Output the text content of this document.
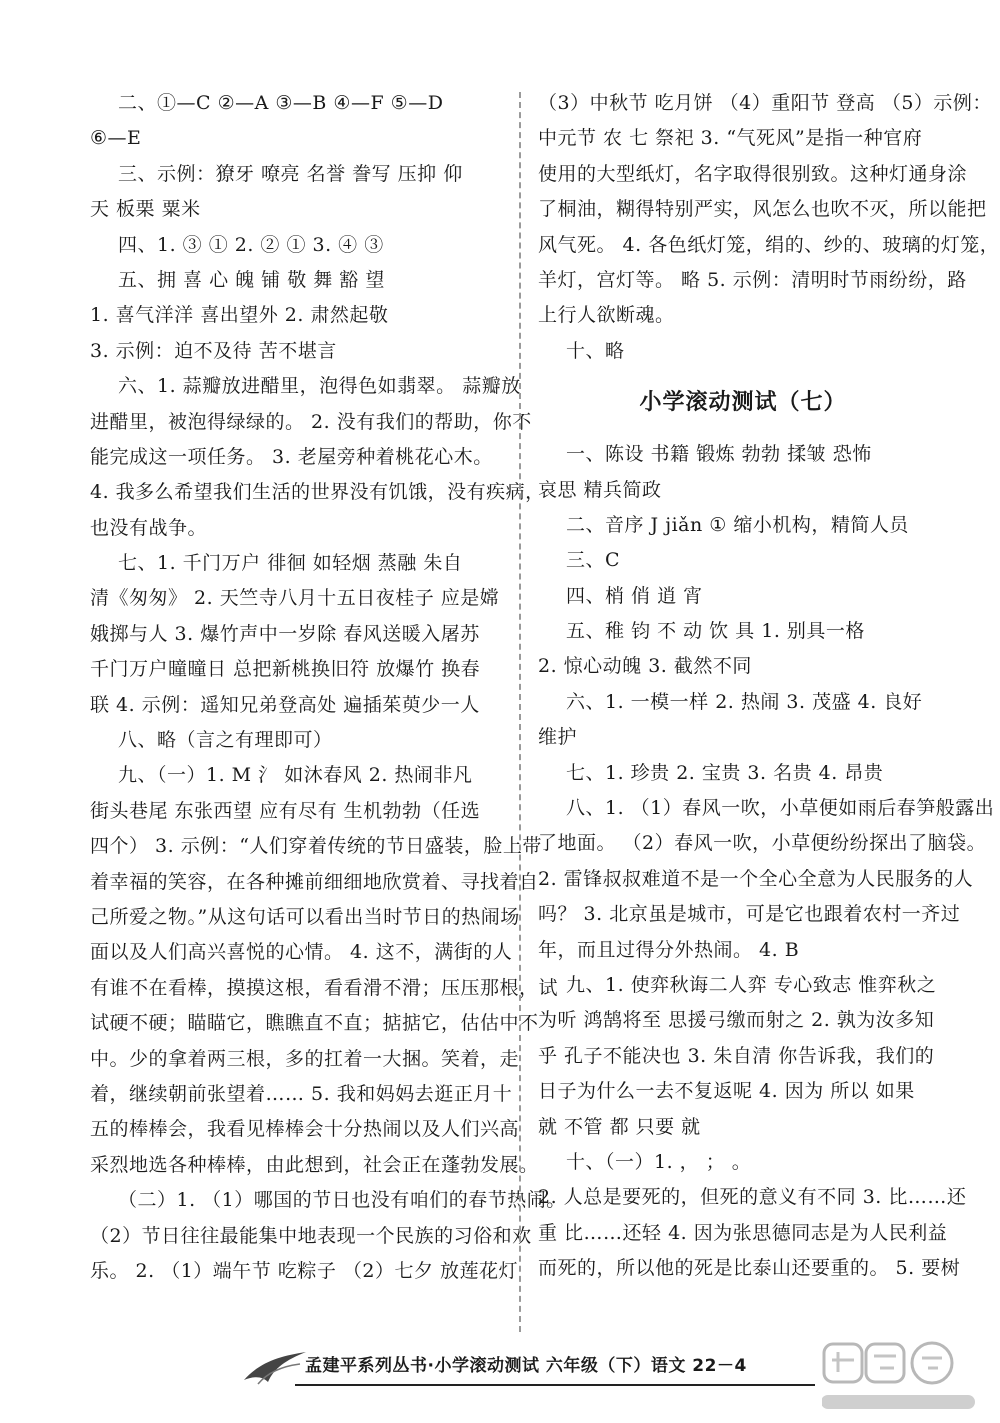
二、①—C ②—A ③—B ④—F ⑤—D
⑥—E
三、示例：獠牙 嘹亮 名誉 誊写 压抑 仰
天 板栗 粟米
四、1. ③ ① 2. ② ① 3. ④ ③
五、拥 喜 心 魄 铺 敬 舞 豁 望
1. 喜气洋洋 喜出望外 2. 肃然起敬
3. 示例：迫不及待 苦不堪言
六、1. 蒜瓣放进醋里，泡得色如翡翠。 蒜瓣放
进醋里，被泡得绿绿的。 2. 没有我们的帮助，你不
能完成这一项任务。 3. 老屋旁种着桃花心木。
4. 我多么希望我们生活的世界没有饥饿，没有疾病，
也没有战争。
七、1. 千门万户 徘徊 如轻烟 蒸融 朱自
清《匆匆》 2. 天竺寺八月十五日夜桂子 应是嫦
娥掷与人 3. 爆竹声中一岁除 春风送暖入屠苏
千门万户曈曈日 总把新桃换旧符 放爆竹 换春
联 4. 示例：遥知兄弟登高处 遍插茱萸少一人
八、略（言之有理即可）
九、（一）1. M 氵 如沐春风 2. 热闹非凡
街头巷尾 东张西望 应有尽有 生机勃勃（任选
四个） 3. 示例：“人们穿着传统的节日盛装，脸上带
着幸福的笑容，在各种摊前细细地欣赏着、寻找着自
己所爱之物。”从这句话可以看出当时节日的热闹场
面以及人们高兴喜悦的心情。 4. 这不，满街的人
有谁不在看棒，摸摸这根，看看滑不滑；压压那根，试
试硬不硬；瞄瞄它，瞧瞧直不直；掂掂它，估估中不
中。少的拿着两三根，多的扛着一大捆。笑着，走
着，继续朝前张望着…… 5. 我和妈妈去逛正月十
五的棒棒会，我看见棒棒会十分热闹以及人们兴高
采烈地选各种棒棒，由此想到，社会正在蓬勃发展。
（二）1. （1）哪国的节日也没有咱们的春节热闹。
（2）节日往往最能集中地表现一个民族的习俗和欢
乐。 2. （1）端午节 吃粽子 （2）七夕 放莲花灯
（3）中秋节 吃月饼 （4）重阳节 登高 （5）示例：
中元节 农 七 祭祀 3. “气死风”是指一种官府
使用的大型纸灯，名字取得很别致。这种灯通身涂
了桐油，糊得特别严实，风怎么也吹不灭，所以能把
风气死。 4. 各色纸灯笼，绢的、纱的、玻璃的灯笼，
羊灯，宫灯等。 略 5. 示例：清明时节雨纷纷，路
上行人欲断魂。
十、略
小学滚动测试（七）
一、陈设 书籍 锻炼 勃勃 揉皱 恐怖
哀思 精兵简政
二、音序 J jiǎn ① 缩小机构，精简人员
三、C
四、梢 俏 逍 宵
五、稚 钧 不 动 饮 具 1. 别具一格
2. 惊心动魄 3. 截然不同
六、1. 一模一样 2. 热闹 3. 茂盛 4. 良好
维护
七、1. 珍贵 2. 宝贵 3. 名贵 4. 昂贵
八、1. （1）春风一吹，小草便如雨后春笋般露出
了地面。 （2）春风一吹，小草便纷纷探出了脑袋。
2. 雷锋叔叔难道不是一个全心全意为人民服务的人
吗？ 3. 北京虽是城市，可是它也跟着农村一齐过
年，而且过得分外热闹。 4. B
九、1. 使弈秋诲二人弈 专心致志 惟弈秋之
为听 鸿鹄将至 思援弓缴而射之 2. 孰为汝多知
乎 孔子不能决也 3. 朱自清 你告诉我，我们的
日子为什么一去不复返呢 4. 因为 所以 如果
就 不管 都 只要 就
十、（一）1. ， ； 。
2. 人总是要死的，但死的意义有不同 3. 比……还
重 比……还轻 4. 因为张思德同志是为人民利益
而死的，所以他的死是比泰山还要重的。 5. 要树
孟建平系列丛书·小学滚动测试 六年级（下）语文 22－4
